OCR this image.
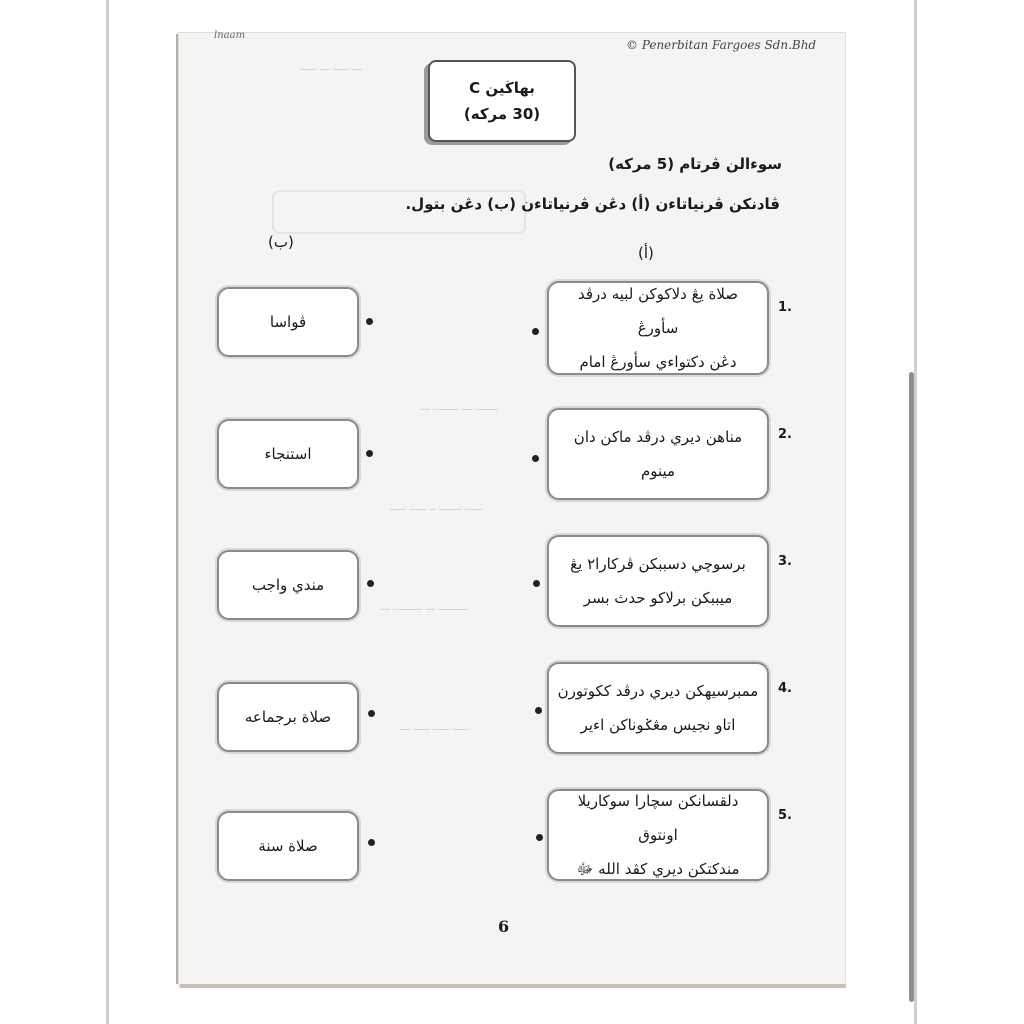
ـــ ـــــ ـــ ـــــ
ـــــــ ـــ ــــــــ ـــ
ـــــ ـــــــ ــ ـــــ ـــــ
ـــــــــ ـــ ـــــــــ ـــ
ـــــ ـــــ ـــــ ـــ
lnaam
© Penerbitan Fargoes Sdn.Bhd
بهاڬين C
(30 مركه)
سوءالن ڤرتام (5 مركه)
ڤادنكن ڤرنياتاءن (أ) دڠن ڤرنياتاءن (ب) دڠن بتول.
(ب)
(أ)
1.
صلاة يڠ دلاكوكن لبيه درڤد سأورڠ
دڠن دكتواءي سأورڠ امام
ڤواسا
2.
مناهن ديري درڤد ماكن دان
مينوم
استنجاء
3.
برسوچي دسببكن ڤركارا٢ يڠ
ميببكن برلاكو حدث بسر
مندي واجب
4.
ممبرسيهكن ديري درڤد ككوتورن
اتاو نجيس مڠݢوناكن اءير
صلاة برجماعه
5.
دلقسانكن سچارا سوكاريلا اونتوق
مندكتكن ديري كڤد الله ﷻ
صلاة سنة
6
